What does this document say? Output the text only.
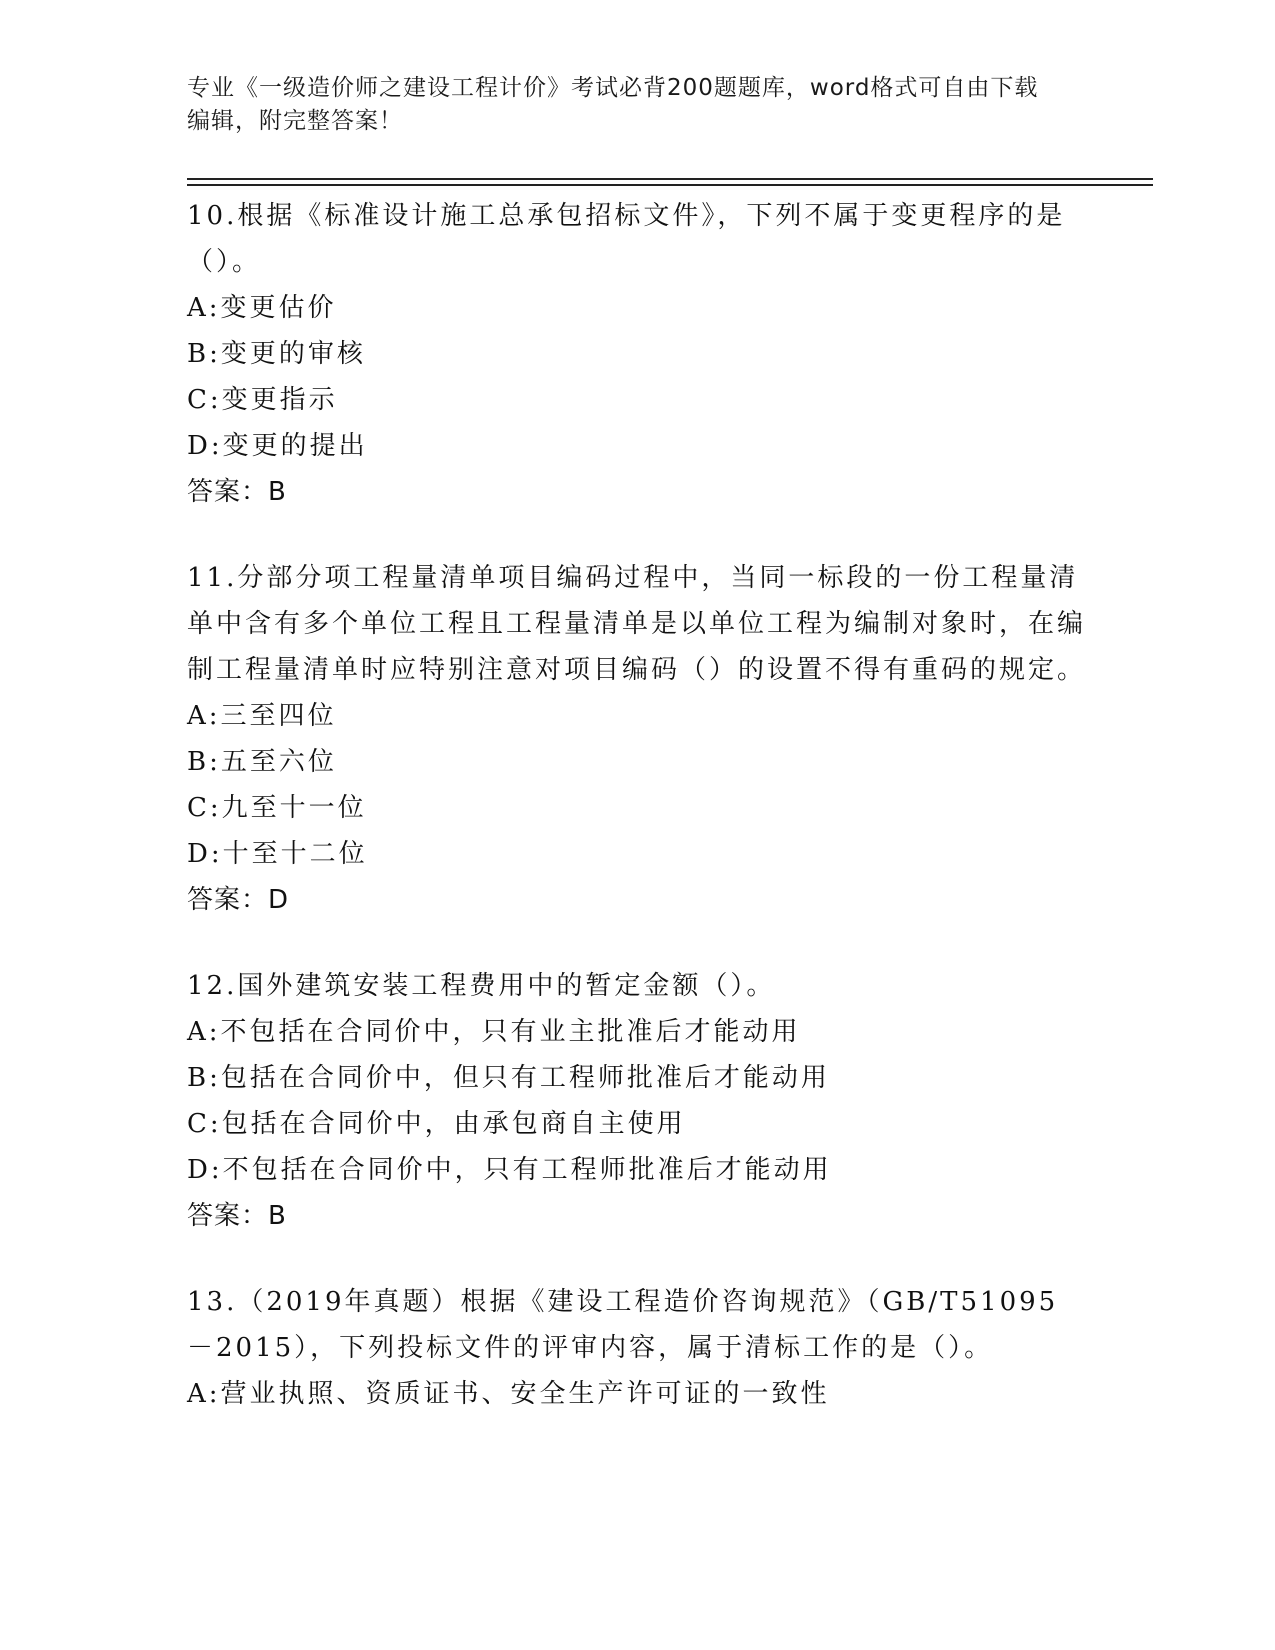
专业《一级造价师之建设工程计价》考试必背200题题库，word格式可自由下载
编辑，附完整答案！

10.根据《标准设计施工总承包招标文件》，下列不属于变更程序的是（）。

A:变更估价

B:变更的审核

C:变更指示

D:变更的提出

答案：B

11.分部分项工程量清单项目编码过程中，当同一标段的一份工程量清单中含有多个单位工程且工程量清单是以单位工程为编制对象时，在编制工程量清单时应特别注意对项目编码（）的设置不得有重码的规定。

A:三至四位

B:五至六位

C:九至十一位

D:十至十二位

答案：D

12.国外建筑安装工程费用中的暂定金额（）。

A:不包括在合同价中，只有业主批准后才能动用

B:包括在合同价中，但只有工程师批准后才能动用

C:包括在合同价中，由承包商自主使用

D:不包括在合同价中，只有工程师批准后才能动用

答案：B

13.（2019年真题）根据《建设工程造价咨询规范》（GB/T51095－2015），下列投标文件的评审内容，属于清标工作的是（）。

A:营业执照、资质证书、安全生产许可证的一致性
